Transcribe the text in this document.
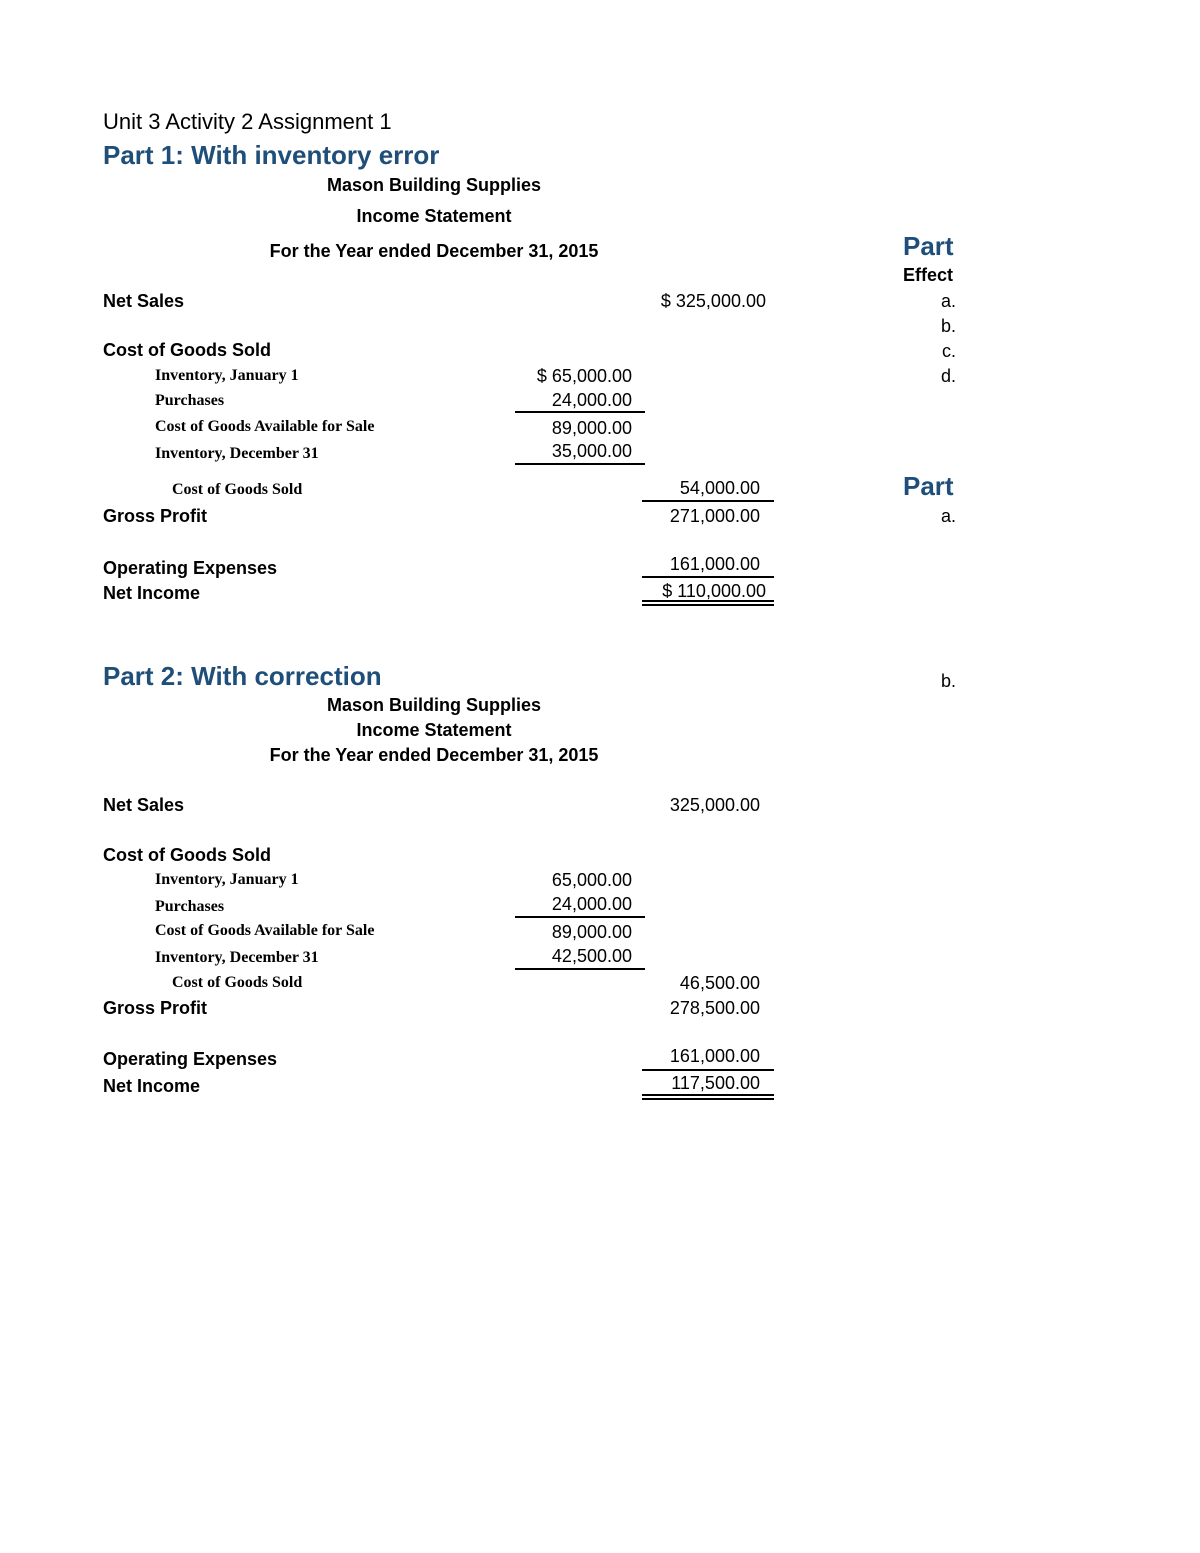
Unit 3 Activity 2 Assignment 1
Part 1: With inventory error
Mason Building Supplies
Income Statement
For the Year ended December 31, 2015
Net Sales	$ 325,000.00
Cost of Goods Sold
Inventory, January 1	$ 65,000.00
Purchases	24,000.00
Cost of Goods Available for Sale	89,000.00
Inventory, December 31	35,000.00
Cost of Goods Sold	54,000.00
Gross Profit	271,000.00
Operating Expenses	161,000.00
Net Income	$ 110,000.00
Part 2: With correction
Mason Building Supplies
Income Statement
For the Year ended December 31, 2015
Net Sales	325,000.00
Cost of Goods Sold
Inventory, January 1	65,000.00
Purchases	24,000.00
Cost of Goods Available for Sale	89,000.00
Inventory, December 31	42,500.00
Cost of Goods Sold	46,500.00
Gross Profit	278,500.00
Operating Expenses	161,000.00
Net Income	117,500.00
Part
Effect
a.
b.
c.
d.
Part
a.
b.
